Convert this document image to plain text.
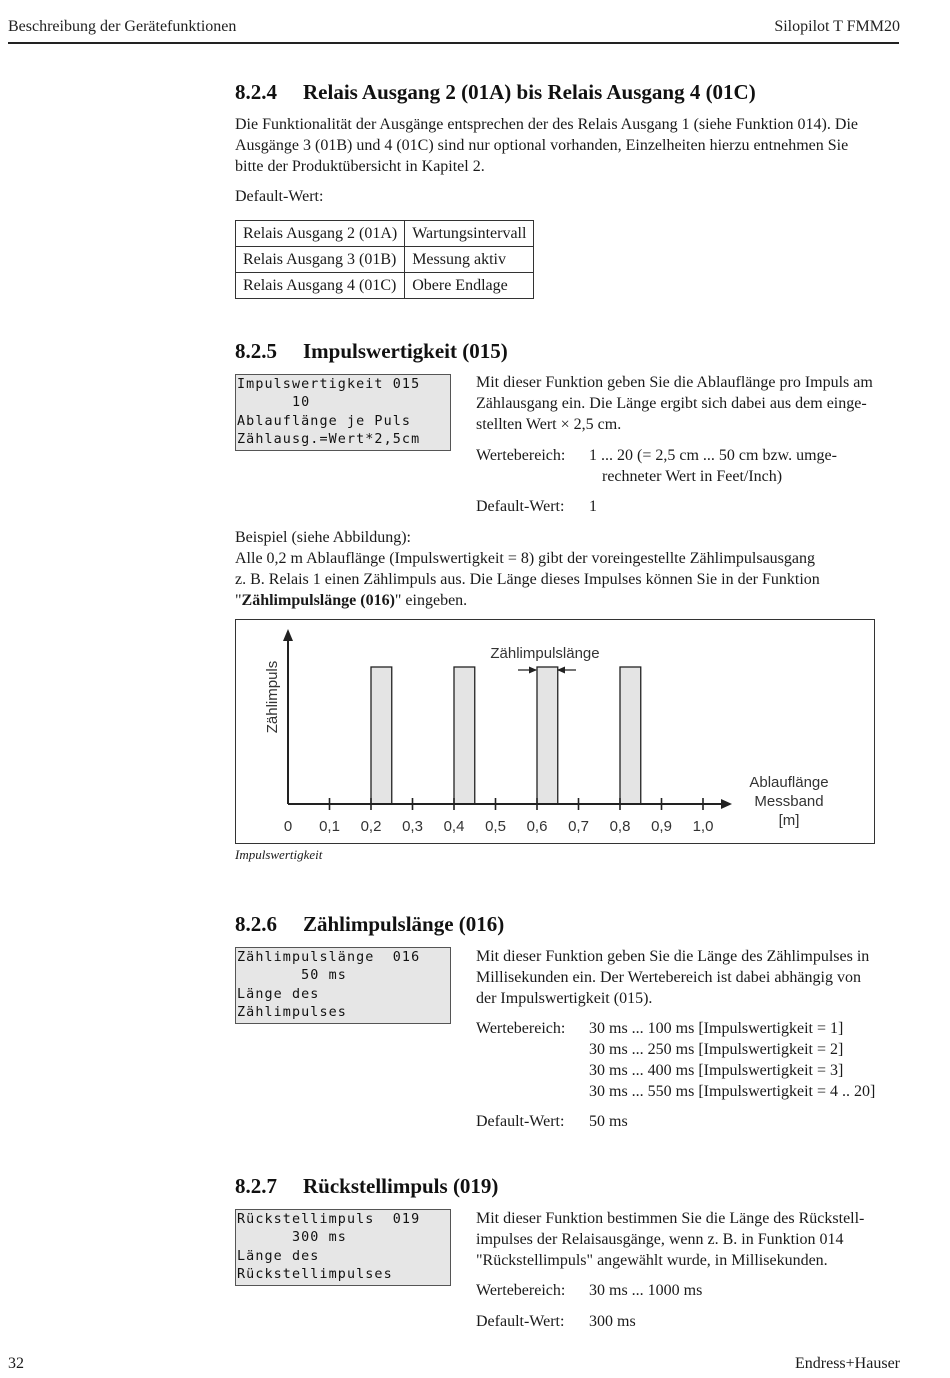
Beschreibung der Gerätefunktionen	Silopilot T FMM20
8.2.4 Relais Ausgang 2 (01A) bis Relais Ausgang 4 (01C)
Die Funktionalität der Ausgänge entsprechen der des Relais Ausgang 1 (siehe Funktion 014). Die
Ausgänge 3 (01B) und 4 (01C) sind nur optional vorhanden, Einzelheiten hierzu entnehmen Sie
bitte der Produktübersicht in Kapitel 2.
Default-Wert:
Relais Ausgang 2 (01A)	Wartungsintervall
Relais Ausgang 3 (01B)	Messung aktiv
Relais Ausgang 4 (01C)	Obere Endlage
8.2.5 Impulswertigkeit (015)
Impulswertigkeit 015
10
Ablauflänge je Puls
Zählausg.=Wert*2,5cm
Mit dieser Funktion geben Sie die Ablauflänge pro Impuls am
Zählausgang ein. Die Länge ergibt sich dabei aus dem einge-
stellten Wert × 2,5 cm.
Wertebereich:	1 ... 20 (= 2,5 cm ... 50 cm bzw. umge-
rechneter Wert in Feet/Inch)
Default-Wert:	1
Beispiel (siehe Abbildung):
Alle 0,2 m Ablauflänge (Impulswertigkeit = 8) gibt der voreingestellte Zählimpulsausgang
z. B. Relais 1 einen Zählimpuls aus. Die Länge dieses Impulses können Sie in der Funktion
"Zählimpulslänge (016)" eingeben.
0 0,1 0,2 0,3 0,4 0,5 0,6 0,7 0,8 0,9 1,0
Zählimpuls
Zählimpulslänge
Ablauflänge
Messband
[m]
Impulswertigkeit
8.2.6 Zählimpulslänge (016)
Zählimpulslänge  016
50 ms
Länge des
Zählimpulses
Mit dieser Funktion geben Sie die Länge des Zählimpulses in
Millisekunden ein. Der Wertebereich ist dabei abhängig von
der Impulswertigkeit (015).
Wertebereich:	30 ms ... 100 ms [Impulswertigkeit = 1]
30 ms ... 250 ms [Impulswertigkeit = 2]
30 ms ... 400 ms [Impulswertigkeit = 3]
30 ms ... 550 ms [Impulswertigkeit = 4 .. 20]
Default-Wert:	50 ms
8.2.7 Rückstellimpuls (019)
Rückstellimpuls  019
300 ms
Länge des
Rückstellimpulses
Mit dieser Funktion bestimmen Sie die Länge des Rückstell-
impulses der Relaisausgänge, wenn z. B. in Funktion 014
"Rückstellimpuls" angewählt wurde, in Millisekunden.
Wertebereich:	30 ms ... 1000 ms
Default-Wert:	300 ms
32	Endress+Hauser
